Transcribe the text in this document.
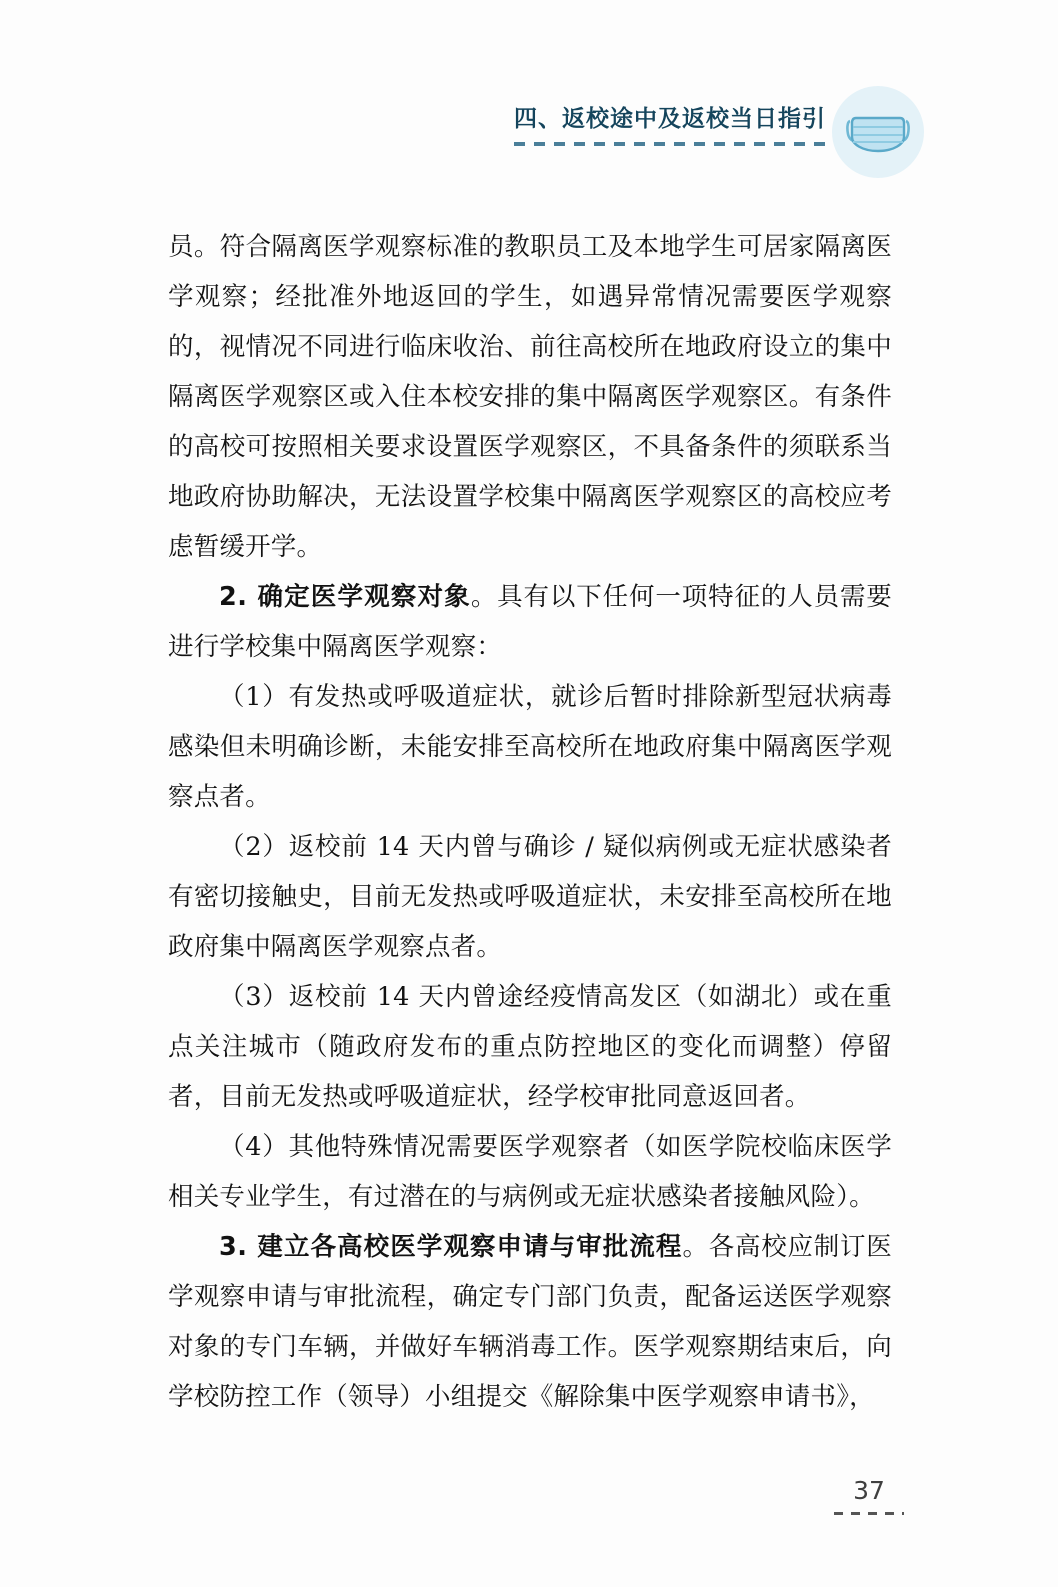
四、返校途中及返校当日指引

员。符合隔离医学观察标准的教职员工及本地学生可居家隔离医学观察；经批准外地返回的学生，如遇异常情况需要医学观察的，视情况不同进行临床收治、前往高校所在地政府设立的集中隔离医学观察区或入住本校安排的集中隔离医学观察区。有条件的高校可按照相关要求设置医学观察区，不具备条件的须联系当地政府协助解决，无法设置学校集中隔离医学观察区的高校应考虑暂缓开学。

2. 确定医学观察对象。具有以下任何一项特征的人员需要进行学校集中隔离医学观察：

（1）有发热或呼吸道症状，就诊后暂时排除新型冠状病毒感染但未明确诊断，未能安排至高校所在地政府集中隔离医学观察点者。

（2）返校前 14 天内曾与确诊 / 疑似病例或无症状感染者有密切接触史，目前无发热或呼吸道症状，未安排至高校所在地政府集中隔离医学观察点者。

（3）返校前 14 天内曾途经疫情高发区（如湖北）或在重点关注城市（随政府发布的重点防控地区的变化而调整）停留者，目前无发热或呼吸道症状，经学校审批同意返回者。

（4）其他特殊情况需要医学观察者（如医学院校临床医学相关专业学生，有过潜在的与病例或无症状感染者接触风险）。

3. 建立各高校医学观察申请与审批流程。各高校应制订医学观察申请与审批流程，确定专门部门负责，配备运送医学观察对象的专门车辆，并做好车辆消毒工作。医学观察期结束后，向学校防控工作（领导）小组提交《解除集中医学观察申请书》，

37
